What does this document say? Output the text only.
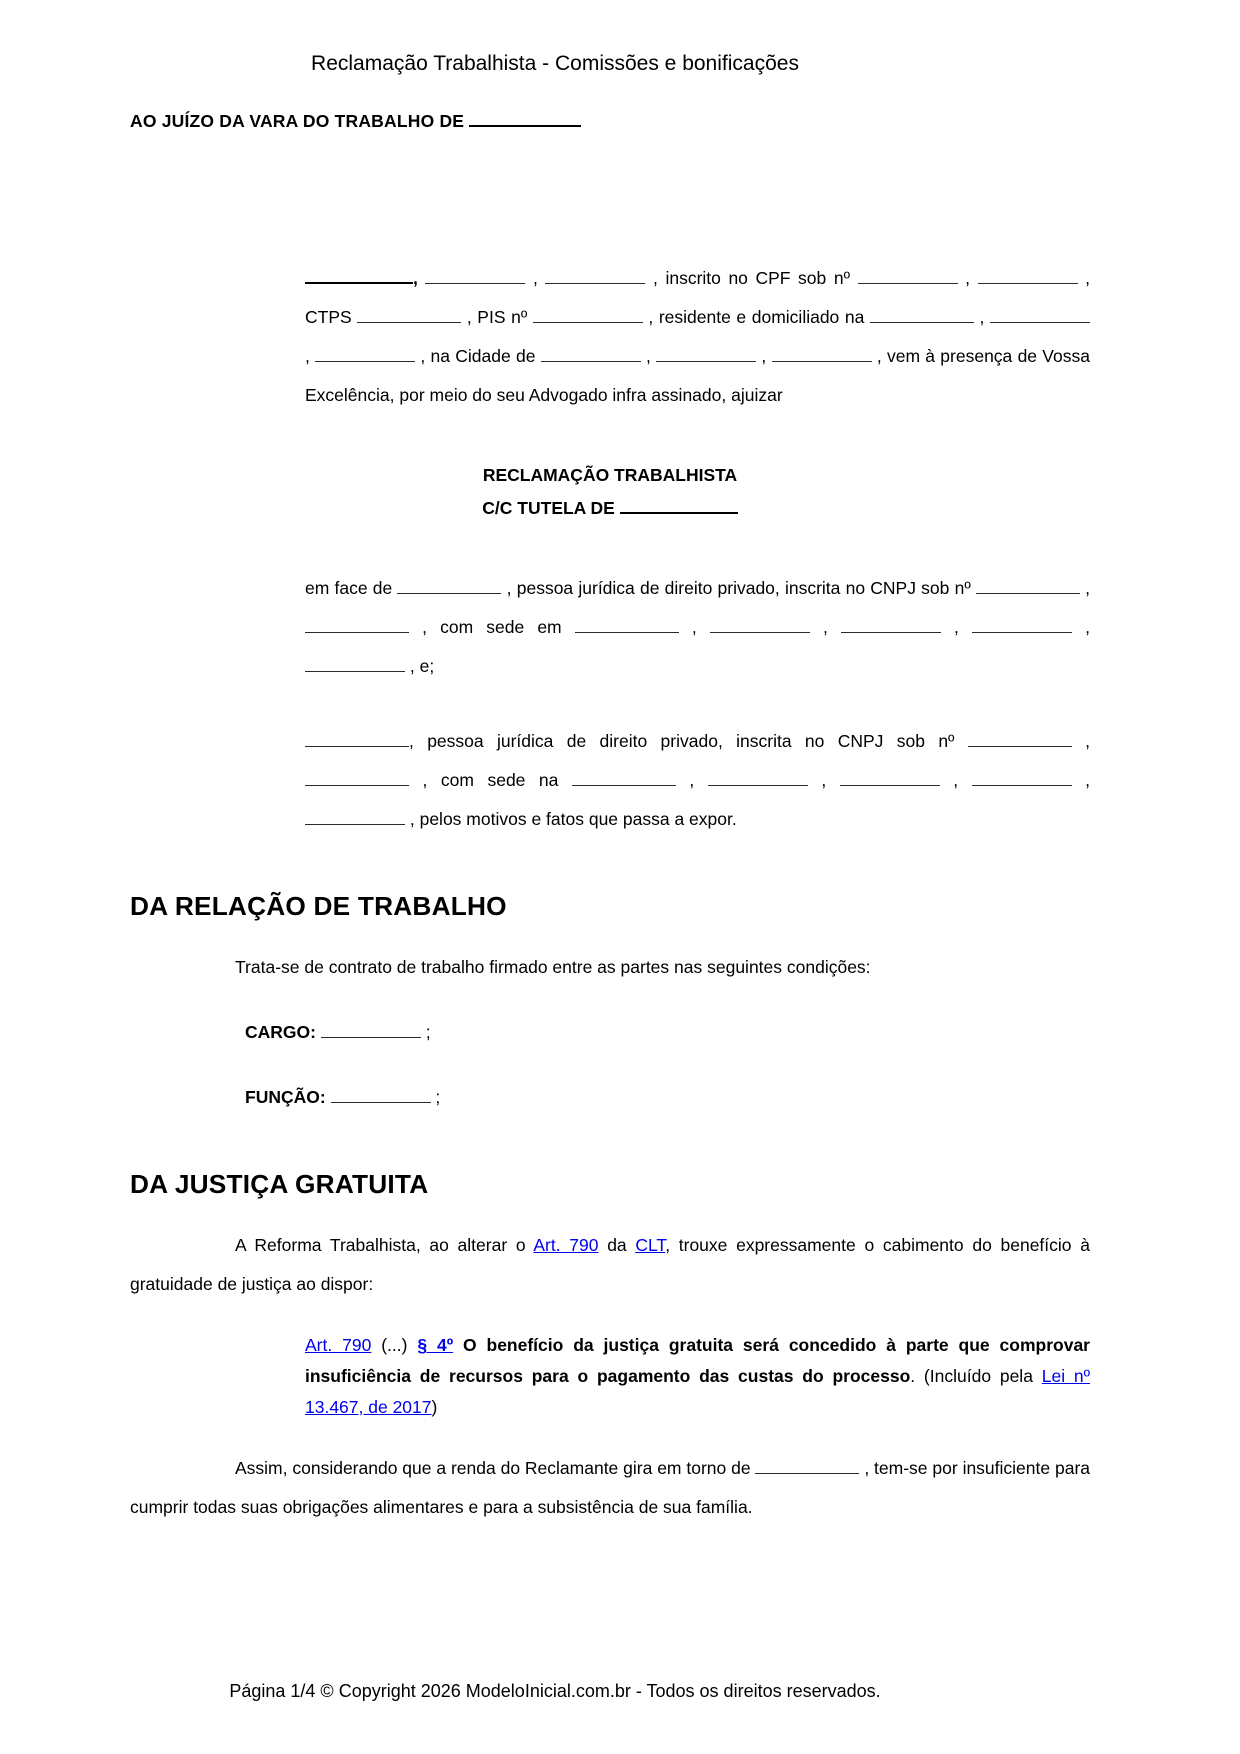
Reclamação Trabalhista - Comissões e bonificações

AO JUÍZO DA VARA DO TRABALHO DE

,	,	, inscrito no CPF sob nº	,	, CTPS	, PIS nº	, residente e domiciliado na	,  ,	, na Cidade de	,	,	, vem à presença de Vossa Excelência, por meio do seu Advogado infra assinado, ajuizar

RECLAMAÇÃO TRABALHISTA
C/C TUTELA DE

em face de	, pessoa jurídica de direito privado, inscrita no CNPJ sob nº	,  , com sede em	,	,	,	,  , e;

, pessoa jurídica de direito privado, inscrita no CNPJ sob nº	,  , com sede na	,	,	,	,  , pelos motivos e fatos que passa a expor.

DA RELAÇÃO DE TRABALHO

Trata-se de contrato de trabalho firmado entre as partes nas seguintes condições:

CARGO:	;

FUNÇÃO:	;

DA JUSTIÇA GRATUITA

A Reforma Trabalhista, ao alterar o Art. 790 da CLT, trouxe expressamente o cabimento do benefício à gratuidade de justiça ao dispor:

Art. 790 (...) § 4º O benefício da justiça gratuita será concedido à parte que comprovar insuficiência de recursos para o pagamento das custas do processo. (Incluído pela Lei nº 13.467, de 2017)

Assim, considerando que a renda do Reclamante gira em torno de	, tem-se por insuficiente para cumprir todas suas obrigações alimentares e para a subsistência de sua família.

Página 1/4 © Copyright 2026 ModeloInicial.com.br - Todos os direitos reservados.
